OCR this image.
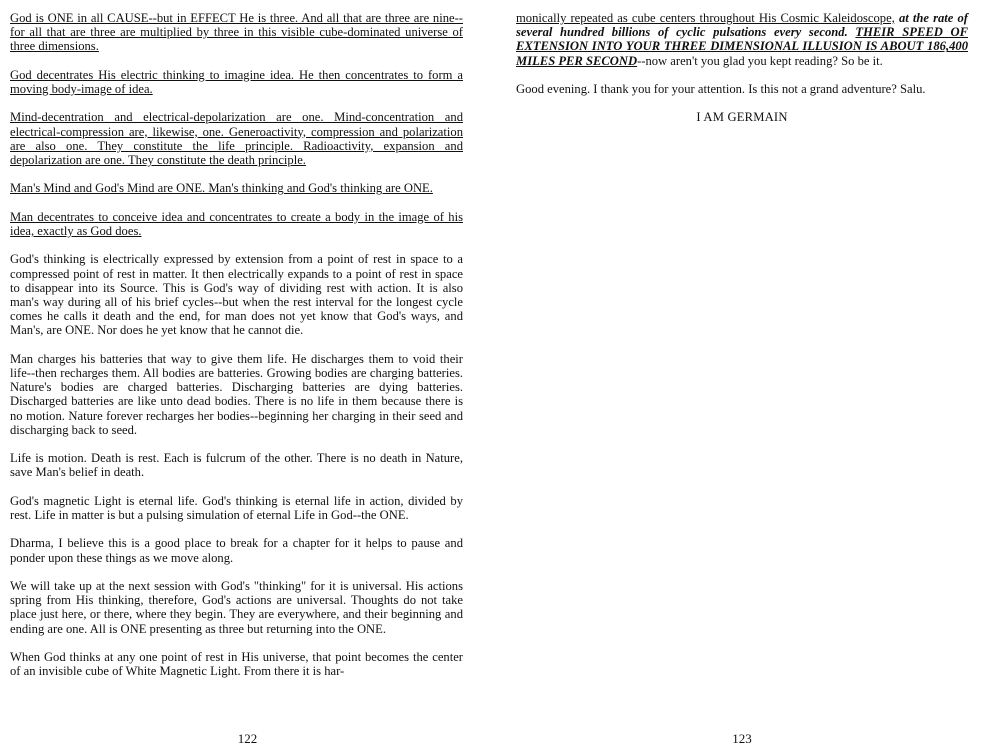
God is ONE in all CAUSE--but in EFFECT He is three. And all that are three are nine--for all that are three are multiplied by three in this visible cube-dominated universe of three dimensions.

God decentrates His electric thinking to imagine idea. He then concentrates to form a moving body-image of idea.

Mind-decentration and electrical-depolarization are one. Mind-concentration and electrical-compression are, likewise, one. Generoactivity, compression and polarization are also one. They constitute the life principle. Radioactivity, expansion and depolarization are one. They constitute the death principle.

Man's Mind and God's Mind are ONE. Man's thinking and God's thinking are ONE.

Man decentrates to conceive idea and concentrates to create a body in the image of his idea, exactly as God does.

God's thinking is electrically expressed by extension from a point of rest in space to a compressed point of rest in matter. It then electrically expands to a point of rest in space to disappear into its Source. This is God's way of dividing rest with action. It is also man's way during all of his brief cycles--but when the rest interval for the longest cycle comes he calls it death and the end, for man does not yet know that God's ways, and Man's, are ONE. Nor does he yet know that he cannot die.

Man charges his batteries that way to give them life. He discharges them to void their life--then recharges them. All bodies are batteries. Growing bodies are charging batteries. Nature's bodies are charged batteries. Discharging batteries are dying batteries. Discharged batteries are like unto dead bodies. There is no life in them because there is no motion. Nature forever recharges her bodies--beginning her charging in their seed and discharging back to seed.

Life is motion. Death is rest. Each is fulcrum of the other. There is no death in Nature, save Man's belief in death.

God's magnetic Light is eternal life. God's thinking is eternal life in action, divided by rest. Life in matter is but a pulsing simulation of eternal Life in God--the ONE.

Dharma, I believe this is a good place to break for a chapter for it helps to pause and ponder upon these things as we move along.

We will take up at the next session with God's "thinking" for it is universal. His actions spring from His thinking, therefore, God's actions are universal. Thoughts do not take place just here, or there, where they begin. They are everywhere, and their beginning and ending are one. All is ONE presenting as three but returning into the ONE.

When God thinks at any one point of rest in His universe, that point becomes the center of an invisible cube of White Magnetic Light. From there it is har-

122

monically repeated as cube centers throughout His Cosmic Kaleidoscope, at the rate of several hundred billions of cyclic pulsations every second. THEIR SPEED OF EXTENSION INTO YOUR THREE DIMENSIONAL ILLUSION IS ABOUT 186,400 MILES PER SECOND--now aren't you glad you kept reading? So be it.

Good evening. I thank you for your attention. Is this not a grand adventure? Salu.

I AM GERMAIN
123
